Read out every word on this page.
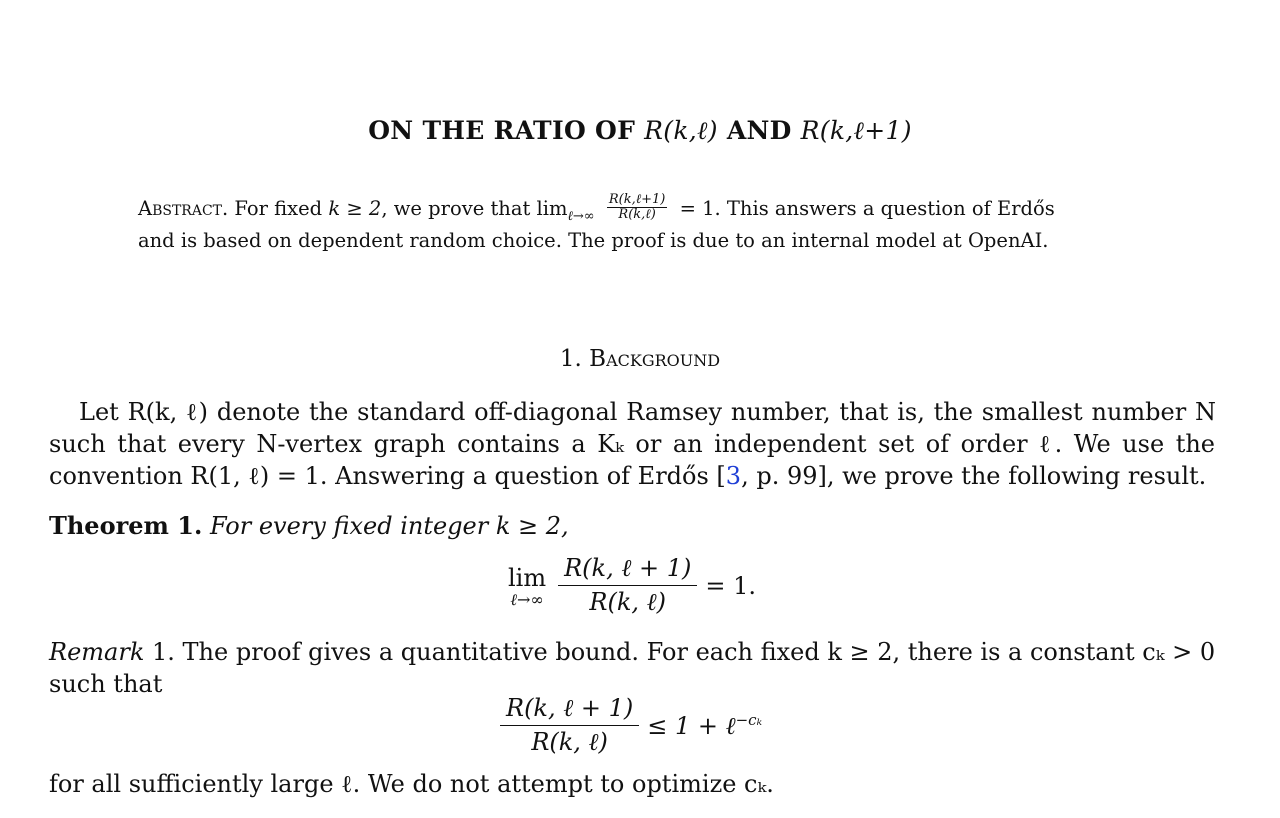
ON THE RATIO OF R(k,ℓ) AND R(k,ℓ+1)
Abstract. For fixed k ≥ 2, we prove that $\lim_{\ell\to\infty} \frac{\text{R(k,ℓ+1)}}{\text{R(k,ℓ)}} = 1$. This answers a question of Erdős
and is based on dependent random choice. The proof is due to an internal model at OpenAI.
1. Background
Let R(k, ℓ) denote the standard off-diagonal Ramsey number, that is, the smallest number N
such that every N-vertex graph contains a Kₖ or an independent set of order ℓ. We use the
convention R(1, ℓ) = 1. Answering a question of Erdős [3, p. 99], we prove the following result.
Theorem 1. For every fixed integer k ≥ 2,
lim
ℓ→∞ $\frac{\text{R(k, ℓ + 1)}}{\text{R(k, ℓ)}} = 1$.
Remark 1. The proof gives a quantitative bound. For each fixed k ≥ 2, there is a constant cₖ > 0
such that
$\frac{\text{R(k, ℓ + 1)}}{\text{R(k, ℓ)}} \le 1$ + ℓ$^{-c_k}$
for all sufficiently large ℓ. We do not attempt to optimize cₖ.
